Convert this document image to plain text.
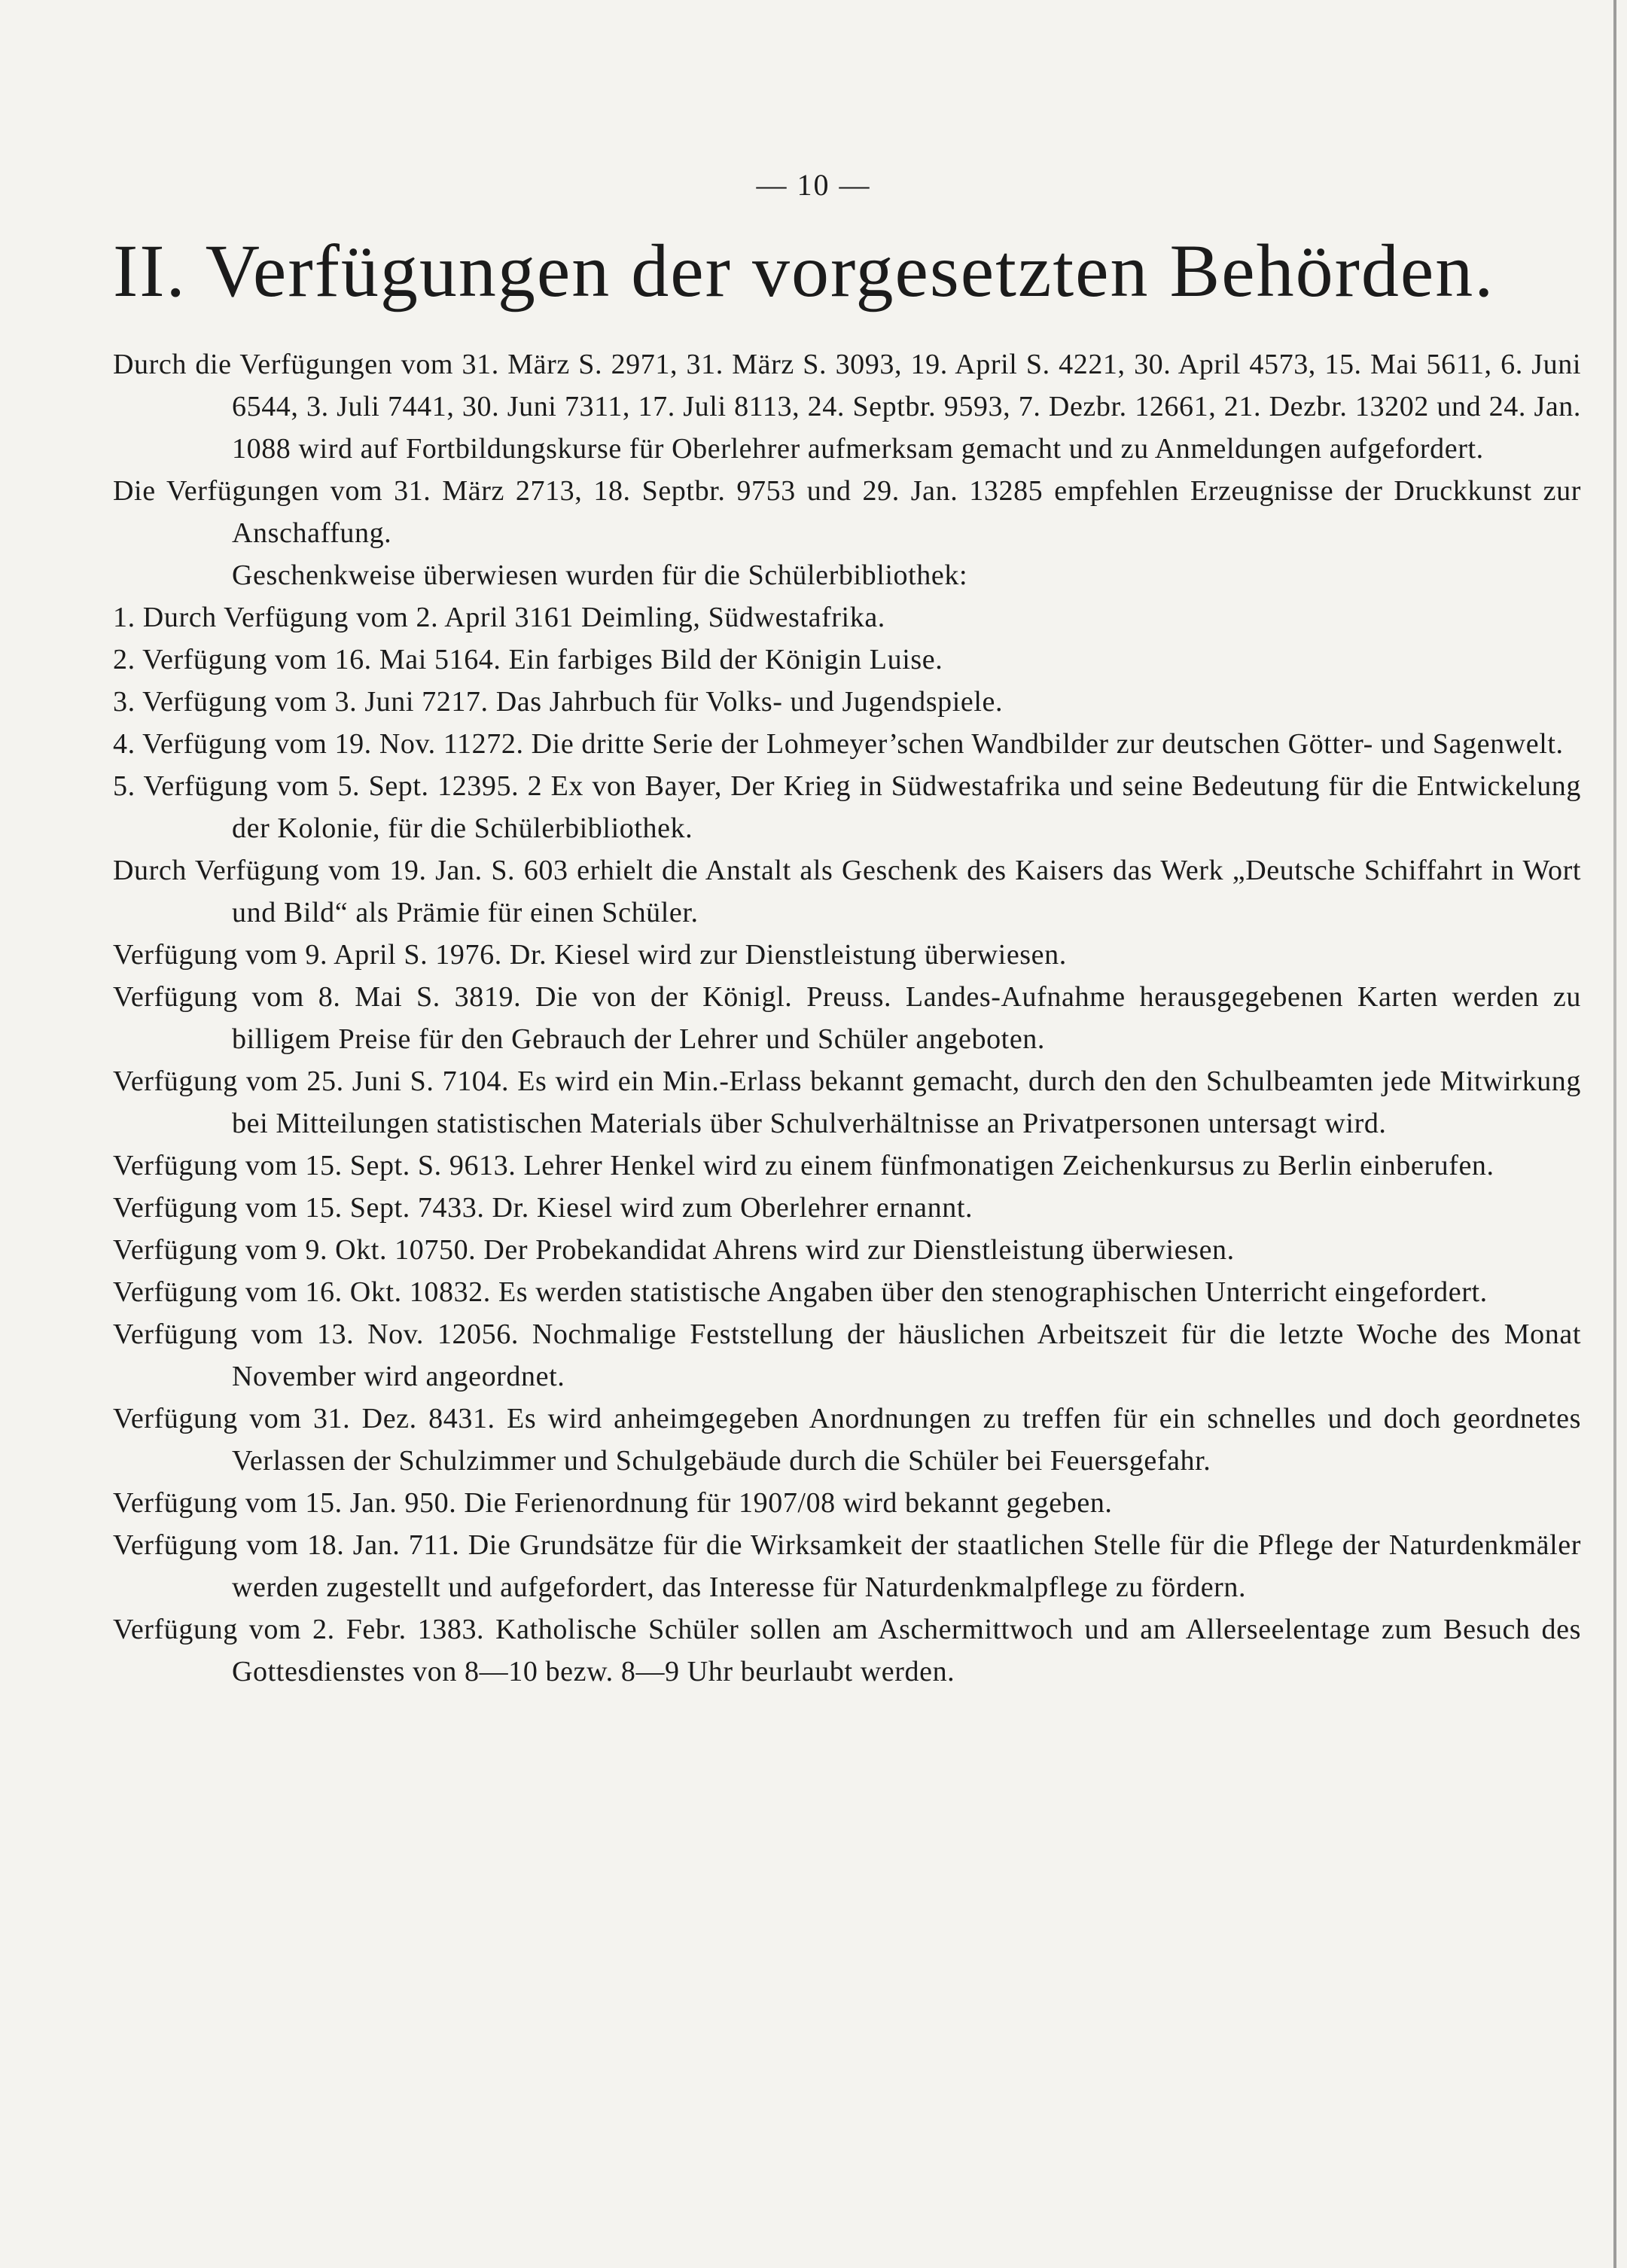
— 10 —
II. Verfügungen der vorgesetzten Behörden.

Durch die Verfügungen vom 31. März S. 2971, 31. März S. 3093, 19. April S. 4221, 30. April 4573, 15. Mai 5611, 6. Juni 6544, 3. Juli 7441, 30. Juni 7311, 17. Juli 8113, 24. Septbr. 9593, 7. Dezbr. 12661, 21. Dezbr. 13202 und 24. Jan. 1088 wird auf Fortbildungskurse für Oberlehrer aufmerksam gemacht und zu Anmeldungen aufgefordert.

Die Verfügungen vom 31. März 2713, 18. Septbr. 9753 und 29. Jan. 13285 empfehlen Erzeugnisse der Druckkunst zur Anschaffung.

Geschenkweise überwiesen wurden für die Schülerbibliothek:

1. Durch Verfügung vom 2. April 3161 Deimling, Südwestafrika.

2. Verfügung vom 16. Mai 5164. Ein farbiges Bild der Königin Luise.

3. Verfügung vom 3. Juni 7217. Das Jahrbuch für Volks- und Jugendspiele.

4. Verfügung vom 19. Nov. 11272. Die dritte Serie der Lohmeyer’schen Wandbilder zur deutschen Götter- und Sagenwelt.

5. Verfügung vom 5. Sept. 12395. 2 Ex von Bayer, Der Krieg in Südwestafrika und seine Bedeutung für die Entwickelung der Kolonie, für die Schülerbibliothek.

Durch Verfügung vom 19. Jan. S. 603 erhielt die Anstalt als Geschenk des Kaisers das Werk „Deutsche Schiffahrt in Wort und Bild“ als Prämie für einen Schüler.

Verfügung vom 9. April S. 1976. Dr. Kiesel wird zur Dienstleistung überwiesen.

Verfügung vom 8. Mai S. 3819. Die von der Königl. Preuss. Landes-Aufnahme herausgegebenen Karten werden zu billigem Preise für den Gebrauch der Lehrer und Schüler angeboten.

Verfügung vom 25. Juni S. 7104. Es wird ein Min.-Erlass bekannt gemacht, durch den den Schulbeamten jede Mitwirkung bei Mitteilungen statistischen Materials über Schulverhältnisse an Privatpersonen untersagt wird.

Verfügung vom 15. Sept. S. 9613. Lehrer Henkel wird zu einem fünfmonatigen Zeichenkursus zu Berlin einberufen.

Verfügung vom 15. Sept. 7433. Dr. Kiesel wird zum Oberlehrer ernannt.

Verfügung vom 9. Okt. 10750. Der Probekandidat Ahrens wird zur Dienstleistung überwiesen.

Verfügung vom 16. Okt. 10832. Es werden statistische Angaben über den stenographischen Unterricht eingefordert.

Verfügung vom 13. Nov. 12056. Nochmalige Feststellung der häuslichen Arbeitszeit für die letzte Woche des Monat November wird angeordnet.

Verfügung vom 31. Dez. 8431. Es wird anheimgegeben Anordnungen zu treffen für ein schnelles und doch geordnetes Verlassen der Schulzimmer und Schulgebäude durch die Schüler bei Feuersgefahr.

Verfügung vom 15. Jan. 950. Die Ferienordnung für 1907/08 wird bekannt gegeben.

Verfügung vom 18. Jan. 711. Die Grundsätze für die Wirksamkeit der staatlichen Stelle für die Pflege der Naturdenkmäler werden zugestellt und aufgefordert, das Interesse für Naturdenkmalpflege zu fördern.

Verfügung vom 2. Febr. 1383. Katholische Schüler sollen am Aschermittwoch und am Allerseelentage zum Besuch des Gottesdienstes von 8—10 bezw. 8—9 Uhr beurlaubt werden.
